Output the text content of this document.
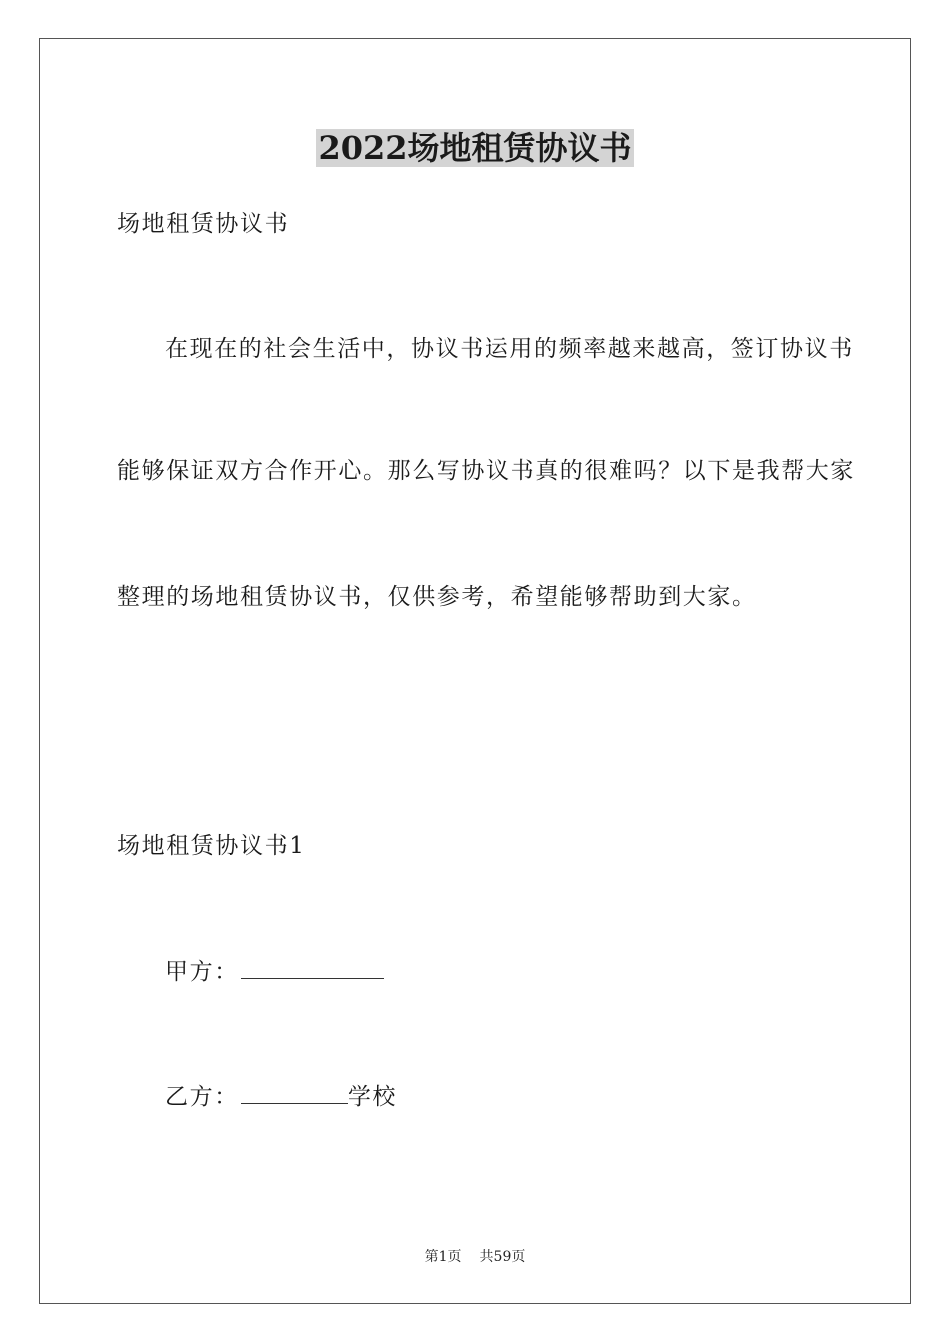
2022场地租赁协议书
场地租赁协议书
在现在的社会生活中，协议书运用的频率越来越高，签订协议书
能够保证双方合作开心。那么写协议书真的很难吗？以下是我帮大家
整理的场地租赁协议书，仅供参考，希望能够帮助到大家。
场地租赁协议书1
甲方：
乙方：	学校
第1页 共59页
